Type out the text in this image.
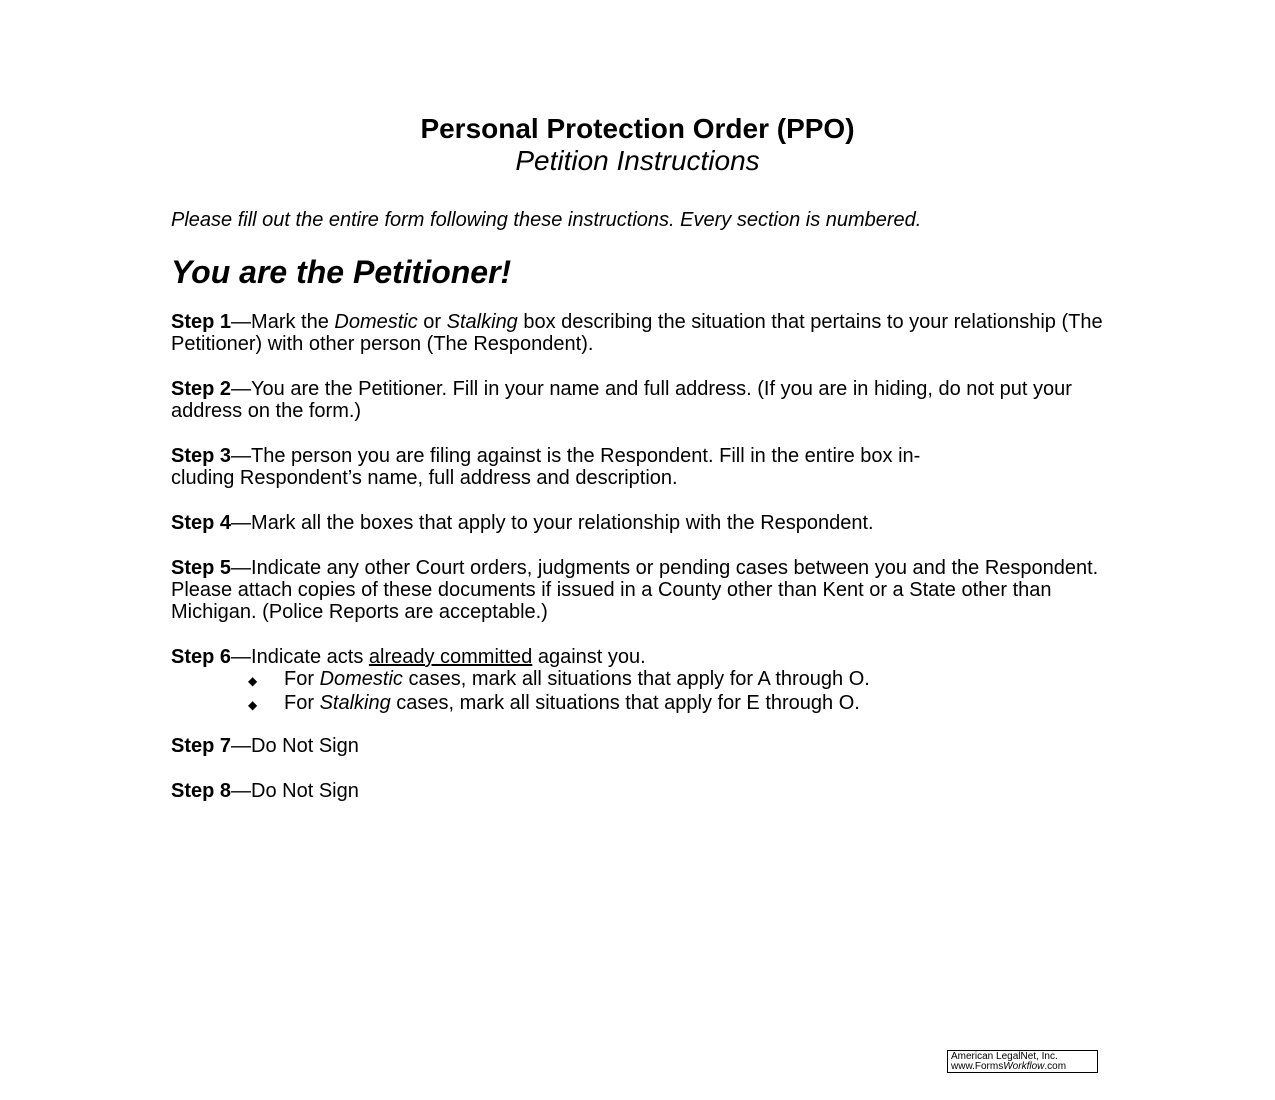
Personal Protection Order (PPO)
Petition Instructions
Please fill out the entire form following these instructions. Every section is numbered.
You are the Petitioner!
Step 1—Mark the Domestic or Stalking box describing the situation that pertains to your relationship (The Petitioner) with other person (The Respondent).
Step 2—You are the Petitioner. Fill in your name and full address. (If you are in hiding, do not put your address on the form.)
Step 3—The person you are filing against is the Respondent. Fill in the entire box in-
cluding Respondent’s name, full address and description.
Step 4—Mark all the boxes that apply to your relationship with the Respondent.
Step 5—Indicate any other Court orders, judgments or pending cases between you and the Respondent. Please attach copies of these documents if issued in a County other than Kent or a State other than Michigan. (Police Reports are acceptable.)
Step 6—Indicate acts already committed against you.
◆	For Domestic cases, mark all situations that apply for A through O.
◆	For Stalking cases, mark all situations that apply for E through O.
Step 7—Do Not Sign
Step 8—Do Not Sign
American LegalNet, Inc.
www.FormsWorkflow.com
